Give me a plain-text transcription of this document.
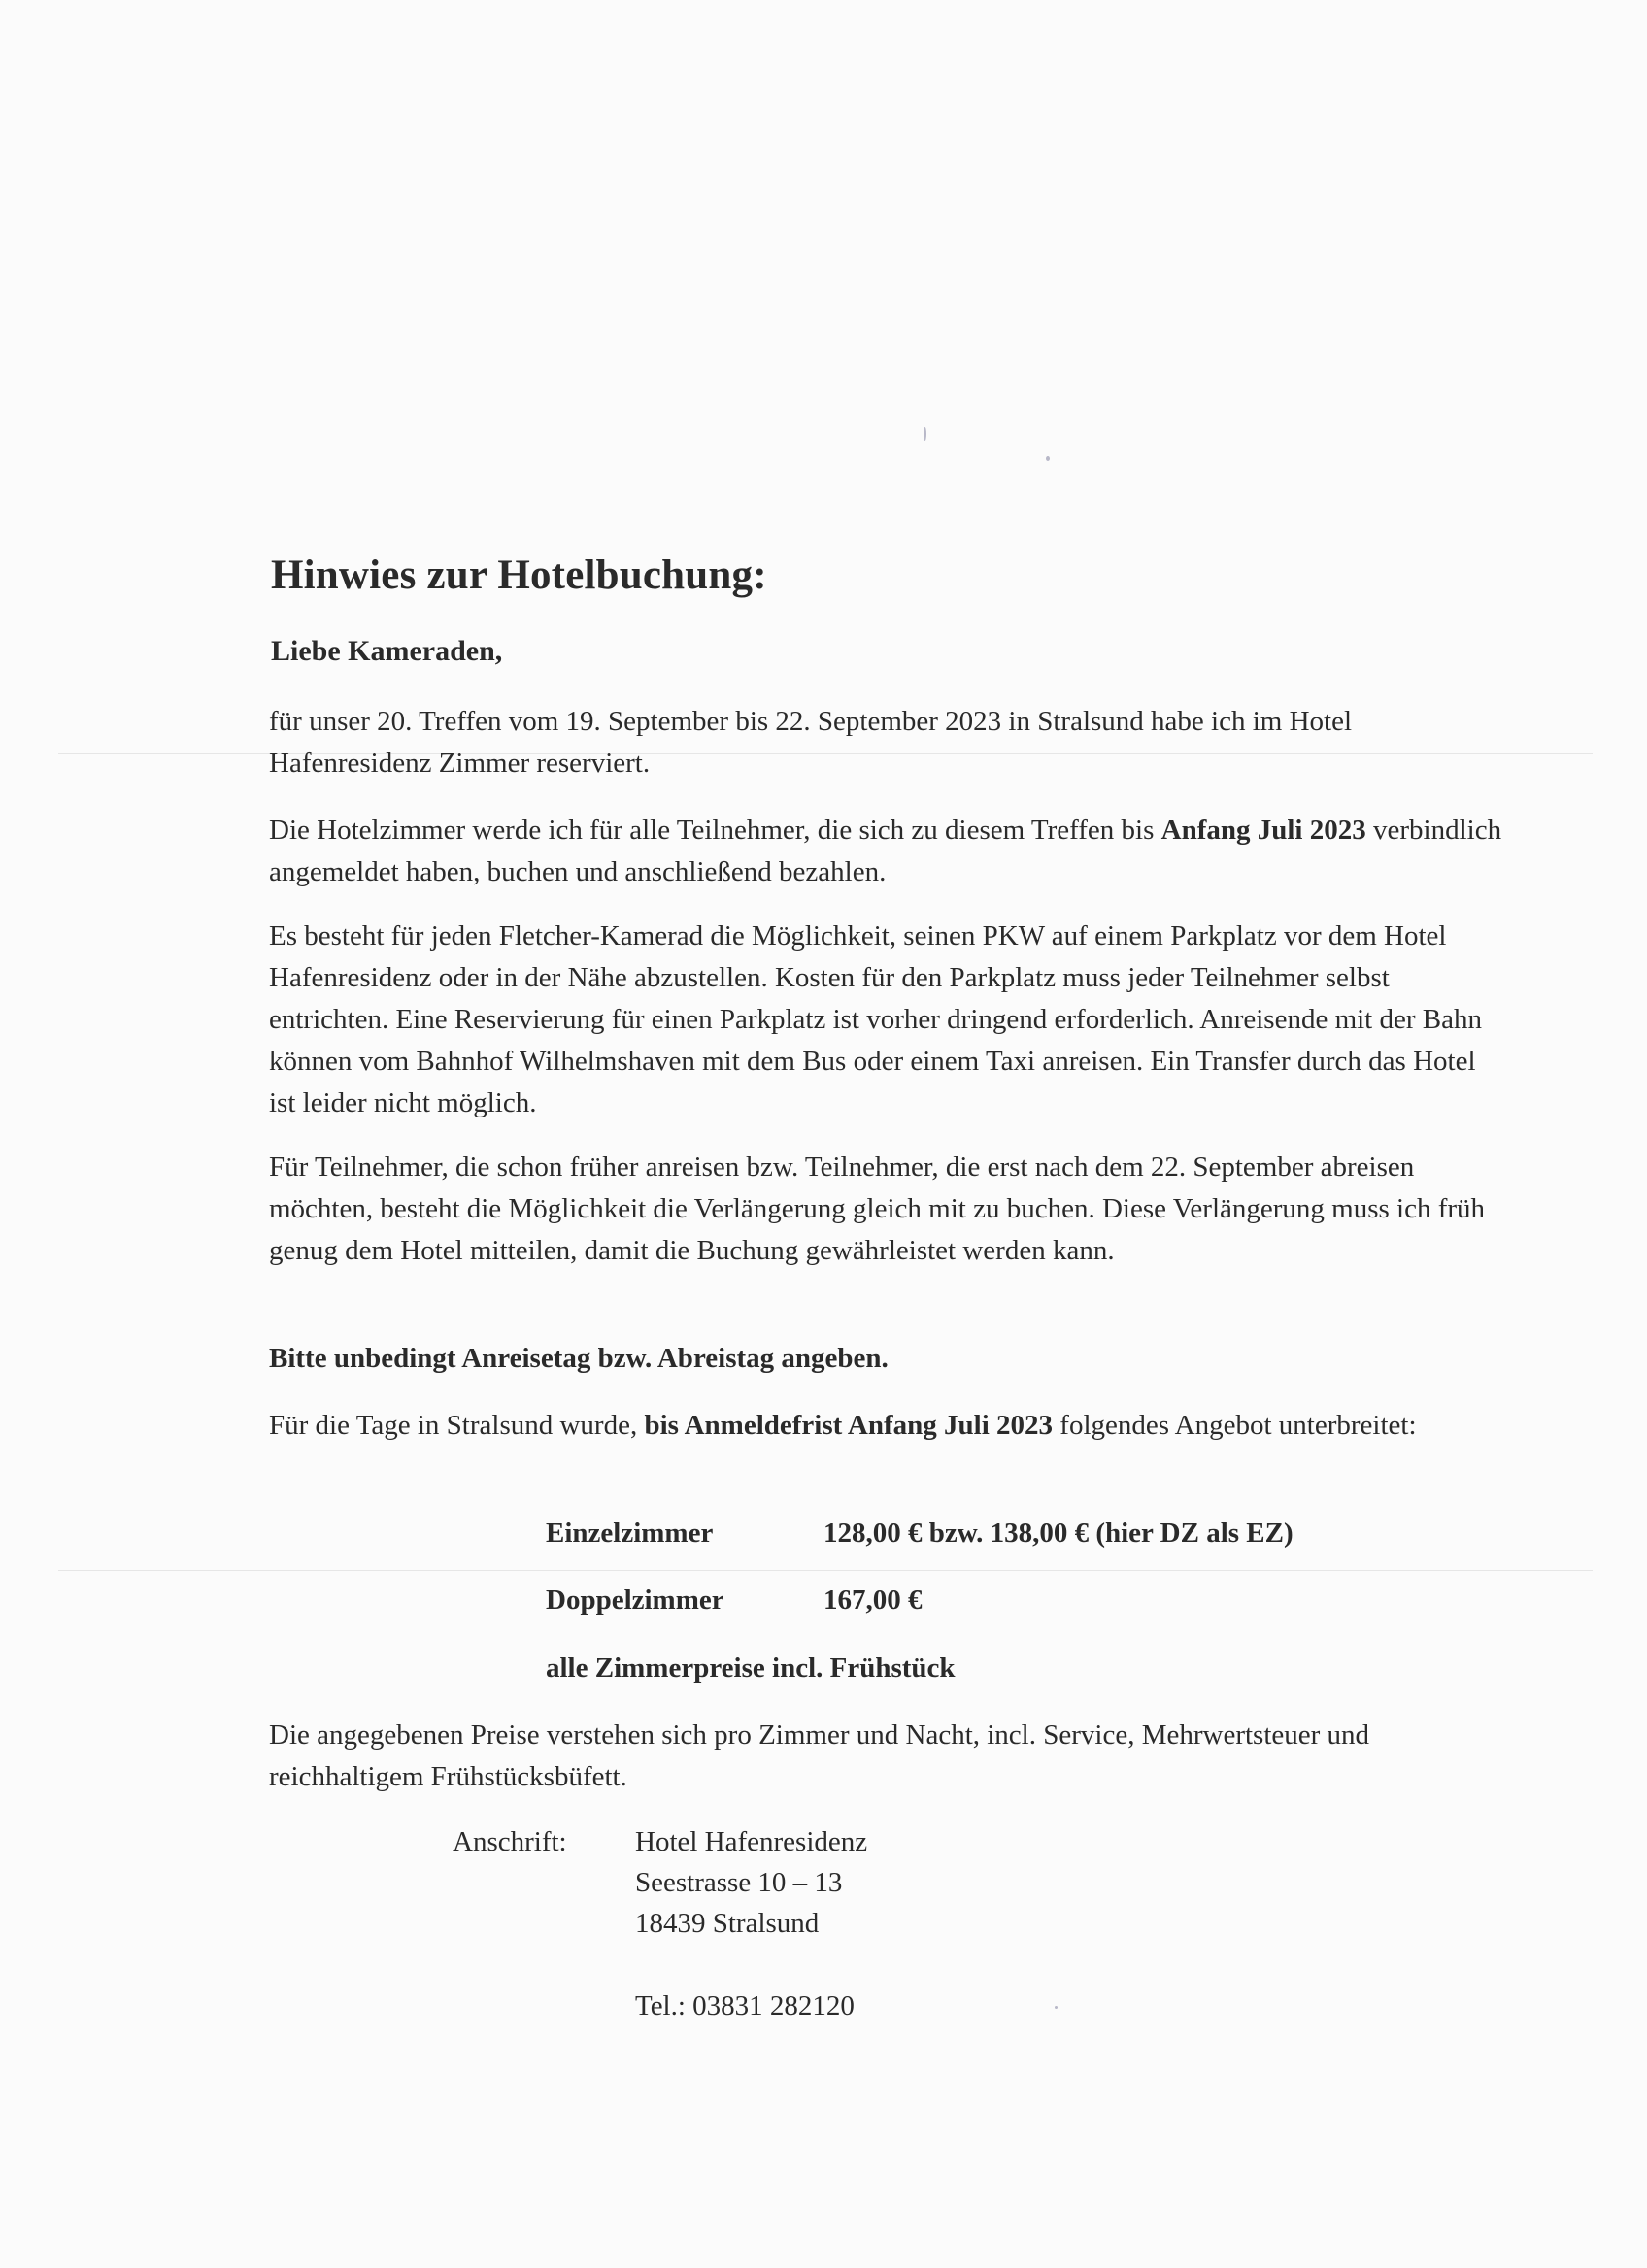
Hinwies zur Hotelbuchung:

Liebe Kameraden,

für unser 20. Treffen vom 19. September bis 22. September 2023 in Stralsund habe ich im Hotel Hafenresidenz Zimmer reserviert.

Die Hotelzimmer werde ich für alle Teilnehmer, die sich zu diesem Treffen bis Anfang Juli 2023 verbindlich angemeldet haben, buchen und anschließend bezahlen.

Es besteht für jeden Fletcher-Kamerad die Möglichkeit, seinen PKW auf einem Parkplatz vor dem Hotel Hafenresidenz oder in der Nähe abzustellen. Kosten für den Parkplatz muss jeder Teilnehmer selbst entrichten. Eine Reservierung für einen Parkplatz ist vorher dringend erforderlich. Anreisende mit der Bahn können vom Bahnhof Wilhelmshaven mit dem Bus oder einem Taxi anreisen. Ein Transfer durch das Hotel ist leider nicht möglich.

Für Teilnehmer, die schon früher anreisen bzw. Teilnehmer, die erst nach dem 22. September abreisen möchten, besteht die Möglichkeit die Verlängerung gleich mit zu buchen. Diese Verlängerung muss ich früh genug dem Hotel mitteilen, damit die Buchung gewährleistet werden kann.

Bitte unbedingt Anreisetag bzw. Abreistag angeben.

Für die Tage in Stralsund wurde, bis Anmeldefrist Anfang Juli 2023 folgendes Angebot unterbreitet:

Einzelzimmer	128,00 € bzw. 138,00 € (hier DZ als EZ)

Doppelzimmer	167,00 €

alle Zimmerpreise incl. Frühstück

Die angegebenen Preise verstehen sich pro Zimmer und Nacht, incl. Service, Mehrwertsteuer und reichhaltigem Frühstücksbüfett.

Anschrift: Hotel Hafenresidenz

Seestrasse 10 – 13

18439 Stralsund

Tel.: 03831 282120
